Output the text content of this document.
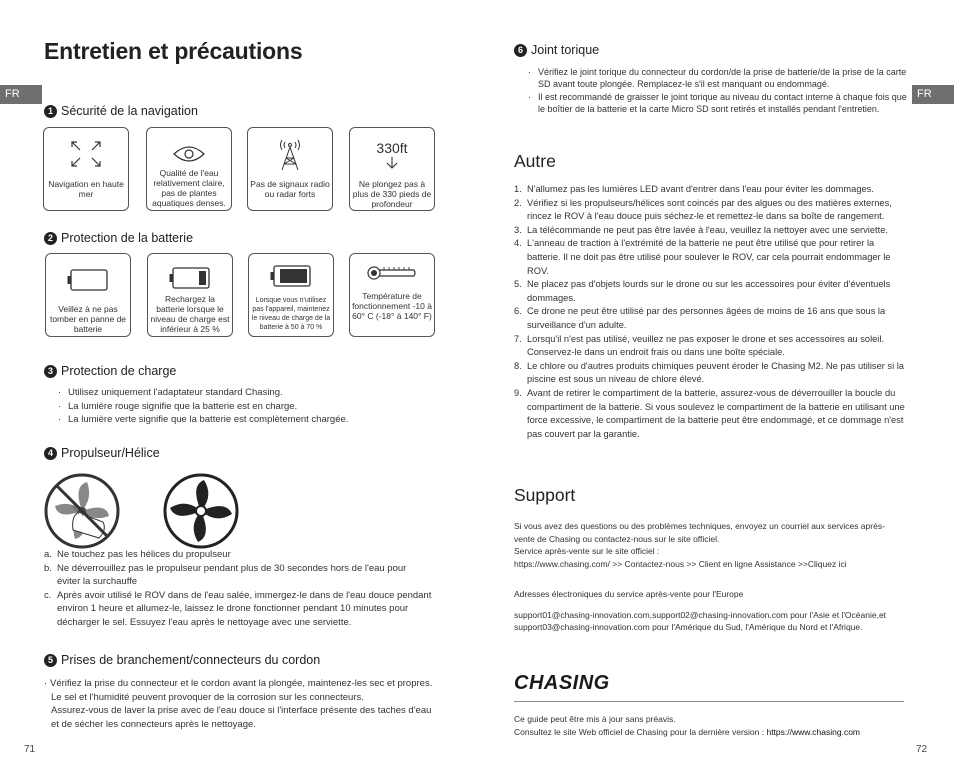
Entretien et précautions
FR
1 Sécurité de la navigation
Navigation en haute mer
Qualité de l'eau relativement claire, pas de plantes aquatiques denses.
Pas de signaux radio ou radar forts
330ft
Ne plongez pas à plus de 330 pieds de profondeur
2 Protection de la batterie
Veillez à ne pas tomber en panne de batterie
Rechargez la batterie lorsque le niveau de charge est inférieur à 25 %
Lorsque vous n'utilisez pas l'appareil, maintenez le niveau de charge de la batterie à 50 à 70 %
Température de fonctionnement -10 à 60° C (-18° à 140° F)
3 Protection de charge
· Utilisez uniquement l'adaptateur standard Chasing.
· La lumière rouge signifie que la batterie est en charge.
· La lumière verte signifie que la batterie est complètement chargée.
4 Propulseur/Hélice
a. Ne touchez pas les hélices du propulseur
b. Ne déverrouillez pas le propulseur pendant plus de 30 secondes hors de l'eau pour éviter la surchauffe
c. Après avoir utilisé le ROV dans de l'eau salée, immergez-le dans de l'eau douce pendant environ 1 heure et allumez-le, laissez le drone fonctionner pendant 10 minutes pour décharger le sel. Essuyez l'eau après le nettoyage avec une serviette.
5 Prises de branchement/connecteurs du cordon
· Vérifiez la prise du connecteur et le cordon avant la plongée, maintenez-les sec et propres.
Le sel et l'humidité peuvent provoquer de la corrosion sur les connecteurs.
Assurez-vous de laver la prise avec de l'eau douce si l'interface présente des taches d'eau et de sécher les connecteurs après le nettoyage.
71
FR
6 Joint torique
· Vérifiez le joint torique du connecteur du cordon/de la prise de batterie/de la prise de la carte SD avant toute plongée. Remplacez-le s'il est manquant ou endommagé.
· Il est recommandé de graisser le joint torique au niveau du contact interne à chaque fois que le boîtier de la batterie et la carte Micro SD sont retirés et installés pendant l'entretien.
Autre
1. N'allumez pas les lumières LED avant d'entrer dans l'eau pour éviter les dommages.
2. Vérifiez si les propulseurs/hélices sont coincés par des algues ou des matières externes, rincez le ROV à l'eau douce puis séchez-le et remettez-le dans sa boîte de rangement.
3. La télécommande ne peut pas être lavée à l'eau, veuillez la nettoyer avec une serviette.
4. L'anneau de traction à l'extrémité de la batterie ne peut être utilisé que pour retirer la batterie. Il ne doit pas être utilisé pour soulever le ROV, car cela pourrait endommager le ROV.
5. Ne placez pas d'objets lourds sur le drone ou sur les accessoires pour éviter d'éventuels dommages.
6. Ce drone ne peut être utilisé par des personnes âgées de moins de 16 ans que sous la surveillance d'un adulte.
7. Lorsqu'il n'est pas utilisé, veuillez ne pas exposer le drone et ses accessoires au soleil. Conservez-le dans un endroit frais ou dans une boîte spéciale.
8. Le chlore ou d'autres produits chimiques peuvent éroder le Chasing M2. Ne pas utiliser si la piscine est sous un niveau de chlore élevé.
9. Avant de retirer le compartiment de la batterie, assurez-vous de déverrouiller la boucle du compartiment de la batterie. Si vous soulevez le compartiment de la batterie en utilisant une force excessive, le compartiment de la batterie peut être endommagé, et ce dommage n'est pas couvert par la garantie.
Support
Si vous avez des questions ou des problèmes techniques, envoyez un courriel aux services après-vente de Chasing ou contactez-nous sur le site officiel.
Service après-vente sur le site officiel :
https://www.chasing.com/ >> Contactez-nous >> Client en ligne Assistance >>Cliquez ici
Adresses électroniques du service après-vente pour l'Europe
support01@chasing-innovation.com,support02@chasing-innovation.com pour l'Asie et l'Océanie,et support03@chasing-innovation.com pour l'Amérique du Sud, l'Amérique du Nord et l'Afrique.
CHASING
Ce guide peut être mis à jour sans préavis.
Consultez le site Web officiel de Chasing pour la dernière version : https://www.chasing.com
72
